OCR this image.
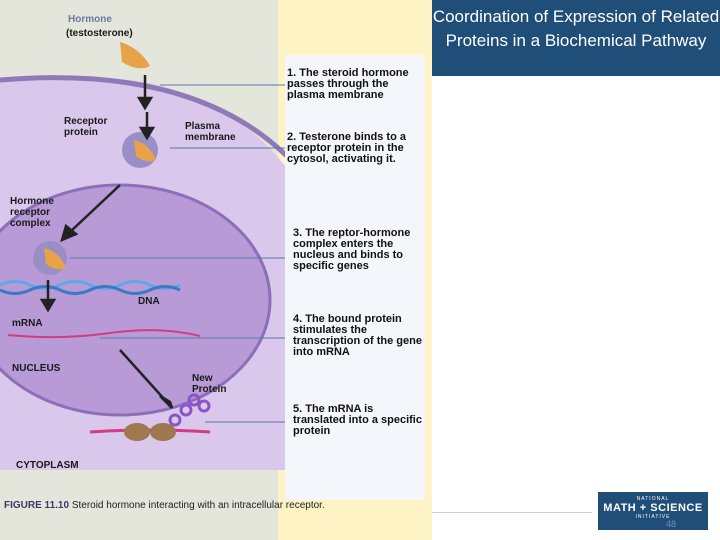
Hormone
(testosterone)
Receptor protein
Plasma membrane
Hormone receptor complex
DNA
mRNA
NUCLEUS
New Protein
CYTOPLASM
1. The steroid hormone passes through the plasma membrane
2. Testerone binds to a receptor protein in the cytosol, activating it.
3. The reptor-hormone complex enters the nucleus and binds to specific genes
4. The bound protein stimulates the transcription of the gene into mRNA
5. The mRNA is translated into a specific protein
FIGURE 11.10 Steroid hormone interacting with an intracellular receptor.
Coordination of Expression of Related Proteins in a Biochemical Pathway
NATIONAL
MATH + SCIENCE
INITIATIVE
48
